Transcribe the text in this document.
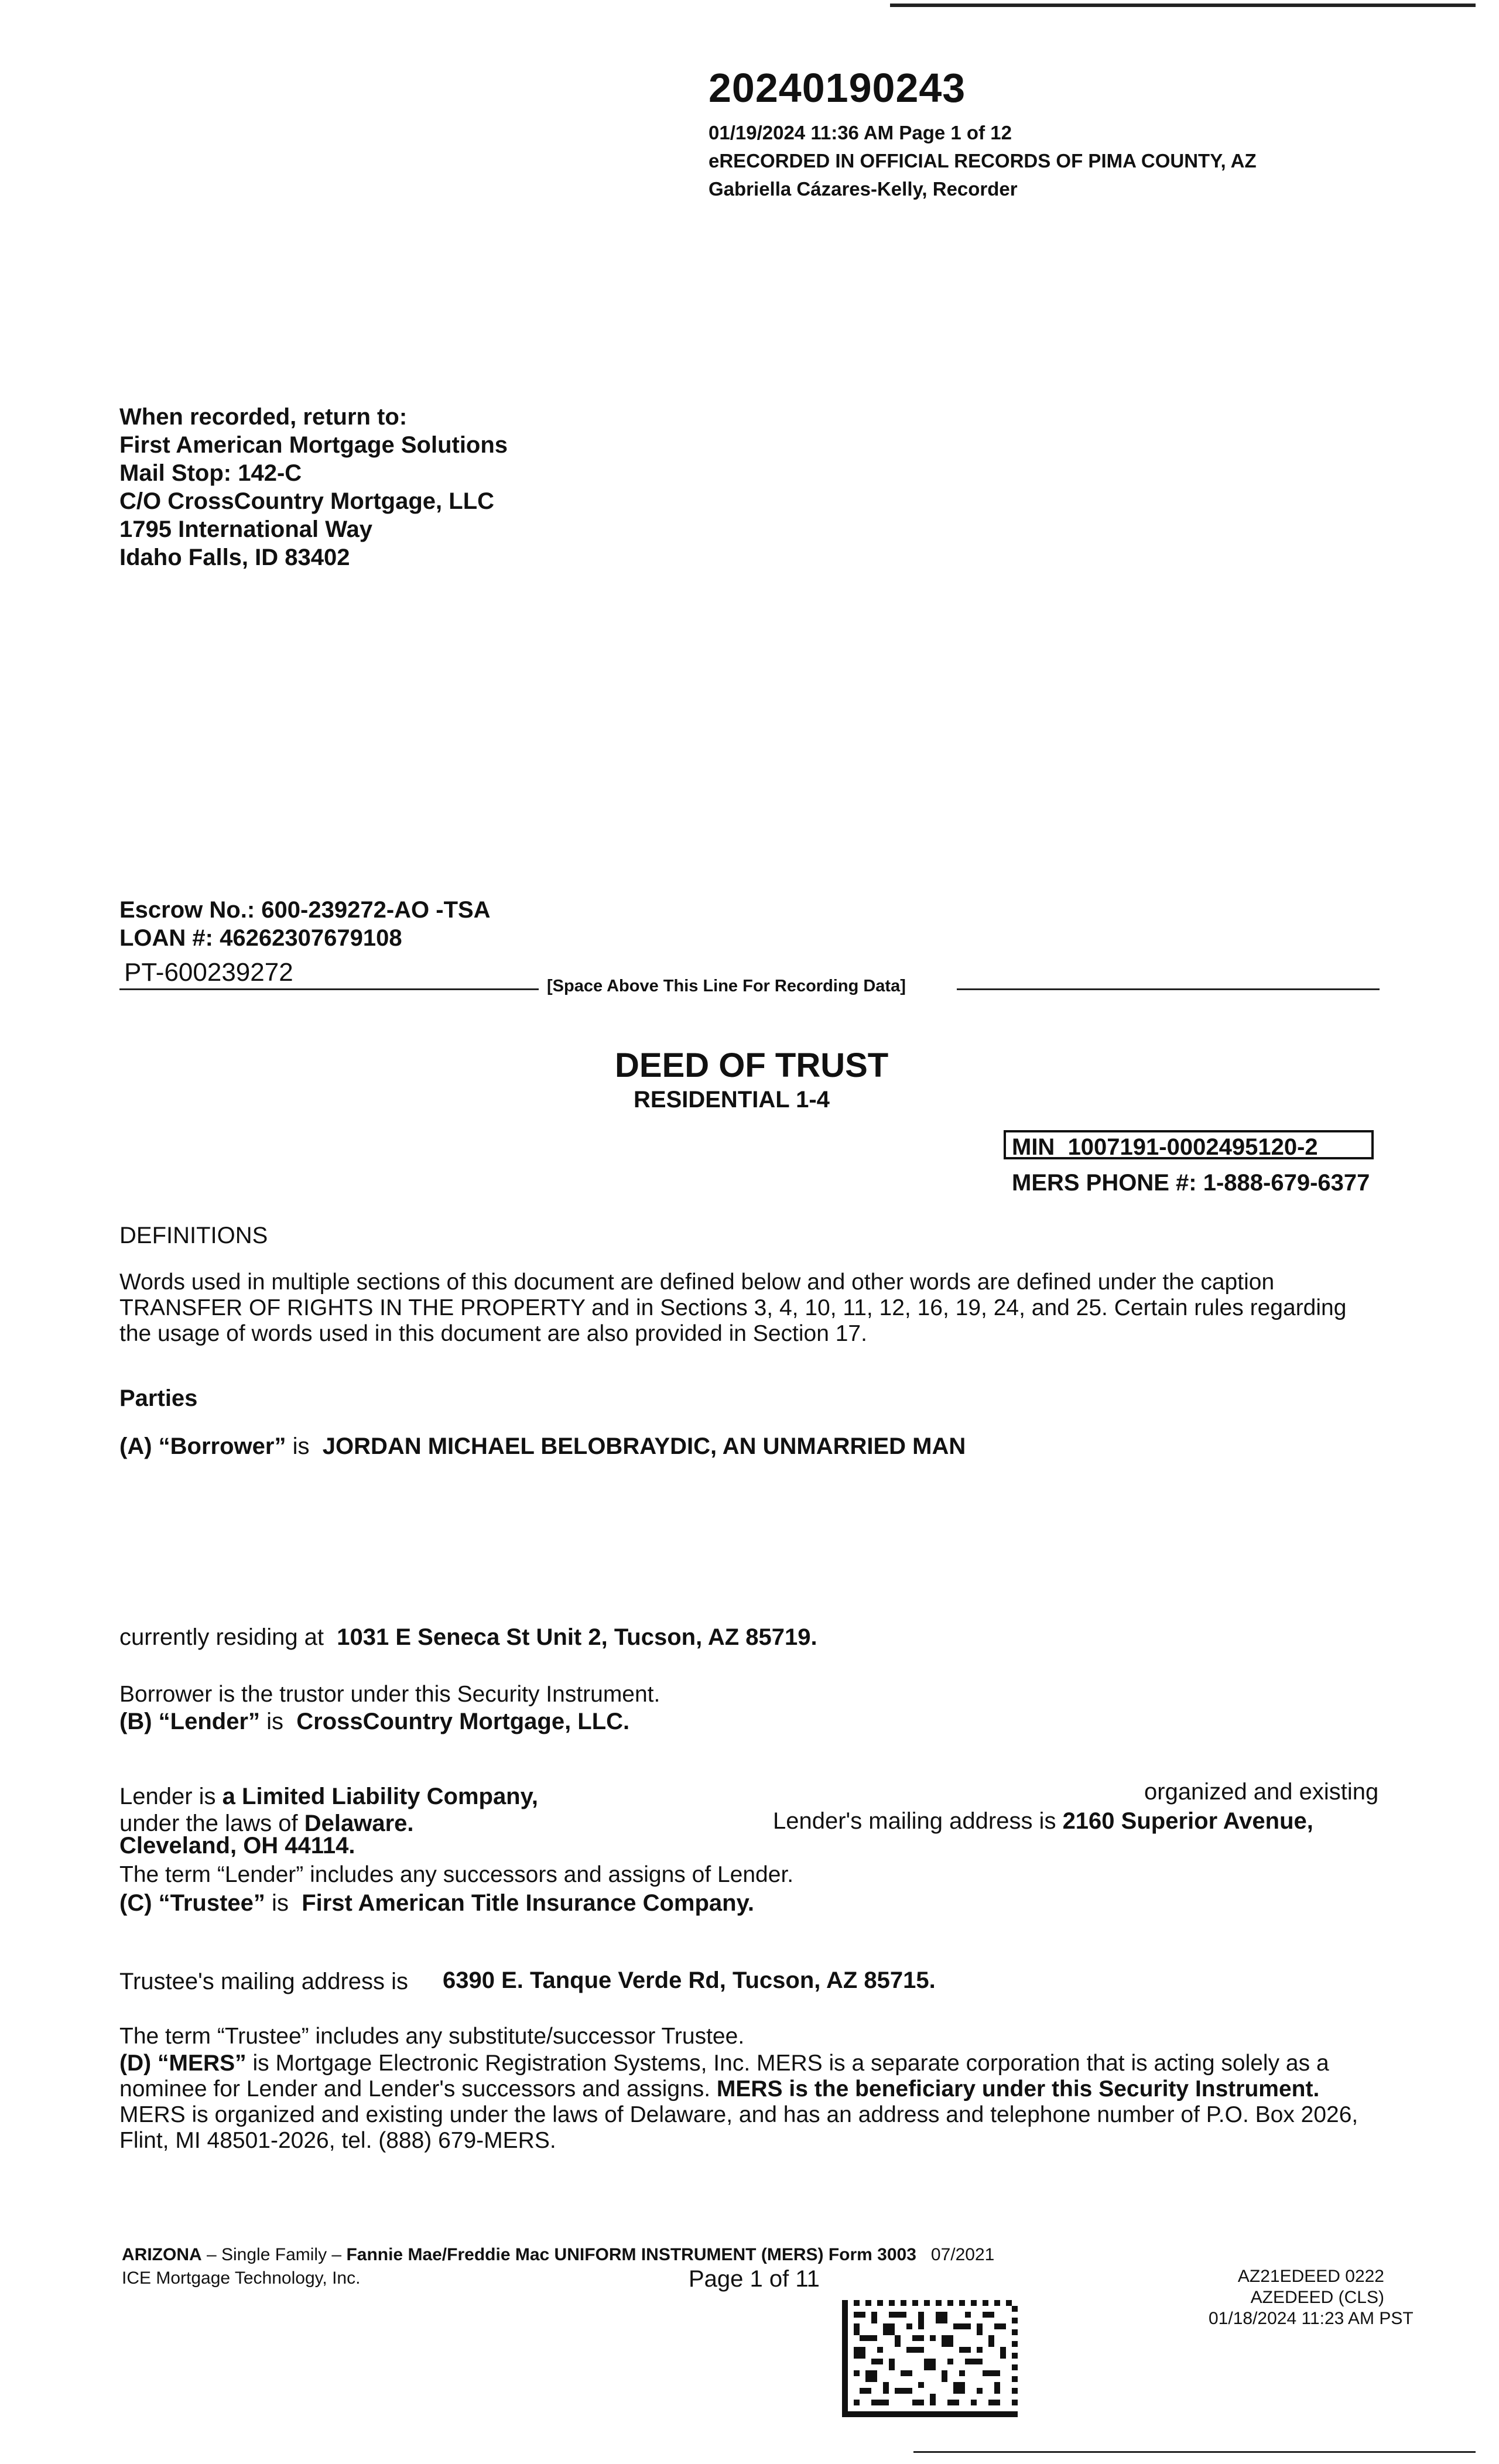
20240190243
01/19/2024 11:36 AM Page 1 of 12
eRECORDED IN OFFICIAL RECORDS OF PIMA COUNTY, AZ
Gabriella Cázares-Kelly, Recorder
When recorded, return to:
First American Mortgage Solutions
Mail Stop: 142-C
C/O CrossCountry Mortgage, LLC
1795 International Way
Idaho Falls, ID 83402
Escrow No.: 600-239272-AO -TSA
LOAN #: 46262307679108
PT-600239272	[Space Above This Line For Recording Data]
DEED OF TRUST
RESIDENTIAL 1-4
MIN 1007191-0002495120-2
MERS PHONE #: 1-888-679-6377
DEFINITIONS
Words used in multiple sections of this document are defined below and other words are defined under the caption
TRANSFER OF RIGHTS IN THE PROPERTY and in Sections 3, 4, 10, 11, 12, 16, 19, 24, and 25. Certain rules regarding
the usage of words used in this document are also provided in Section 17.
Parties
(A) “Borrower” is  JORDAN MICHAEL BELOBRAYDIC, AN UNMARRIED MAN
currently residing at  1031 E Seneca St Unit 2, Tucson, AZ 85719.
Borrower is the trustor under this Security Instrument.
(B) “Lender” is  CrossCountry Mortgage, LLC.
Lender is a Limited Liability Company,	organized and existing
under the laws of Delaware.	Lender's mailing address is 2160 Superior Avenue,
Cleveland, OH 44114.
The term “Lender” includes any successors and assigns of Lender.
(C) “Trustee” is  First American Title Insurance Company.
Trustee's mailing address is 6390 E. Tanque Verde Rd, Tucson, AZ 85715.
The term “Trustee” includes any substitute/successor Trustee.
(D) “MERS” is Mortgage Electronic Registration Systems, Inc. MERS is a separate corporation that is acting solely as a
nominee for Lender and Lender's successors and assigns. MERS is the beneficiary under this Security Instrument.
MERS is organized and existing under the laws of Delaware, and has an address and telephone number of P.O. Box 2026,
Flint, MI 48501-2026, tel. (888) 679-MERS.
ARIZONA – Single Family – Fannie Mae/Freddie Mac UNIFORM INSTRUMENT (MERS) Form 3003 07/2021
ICE Mortgage Technology, Inc.	Page 1 of 11	AZ21EDEED 0222
AZEDEED (CLS)
01/18/2024 11:23 AM PST
